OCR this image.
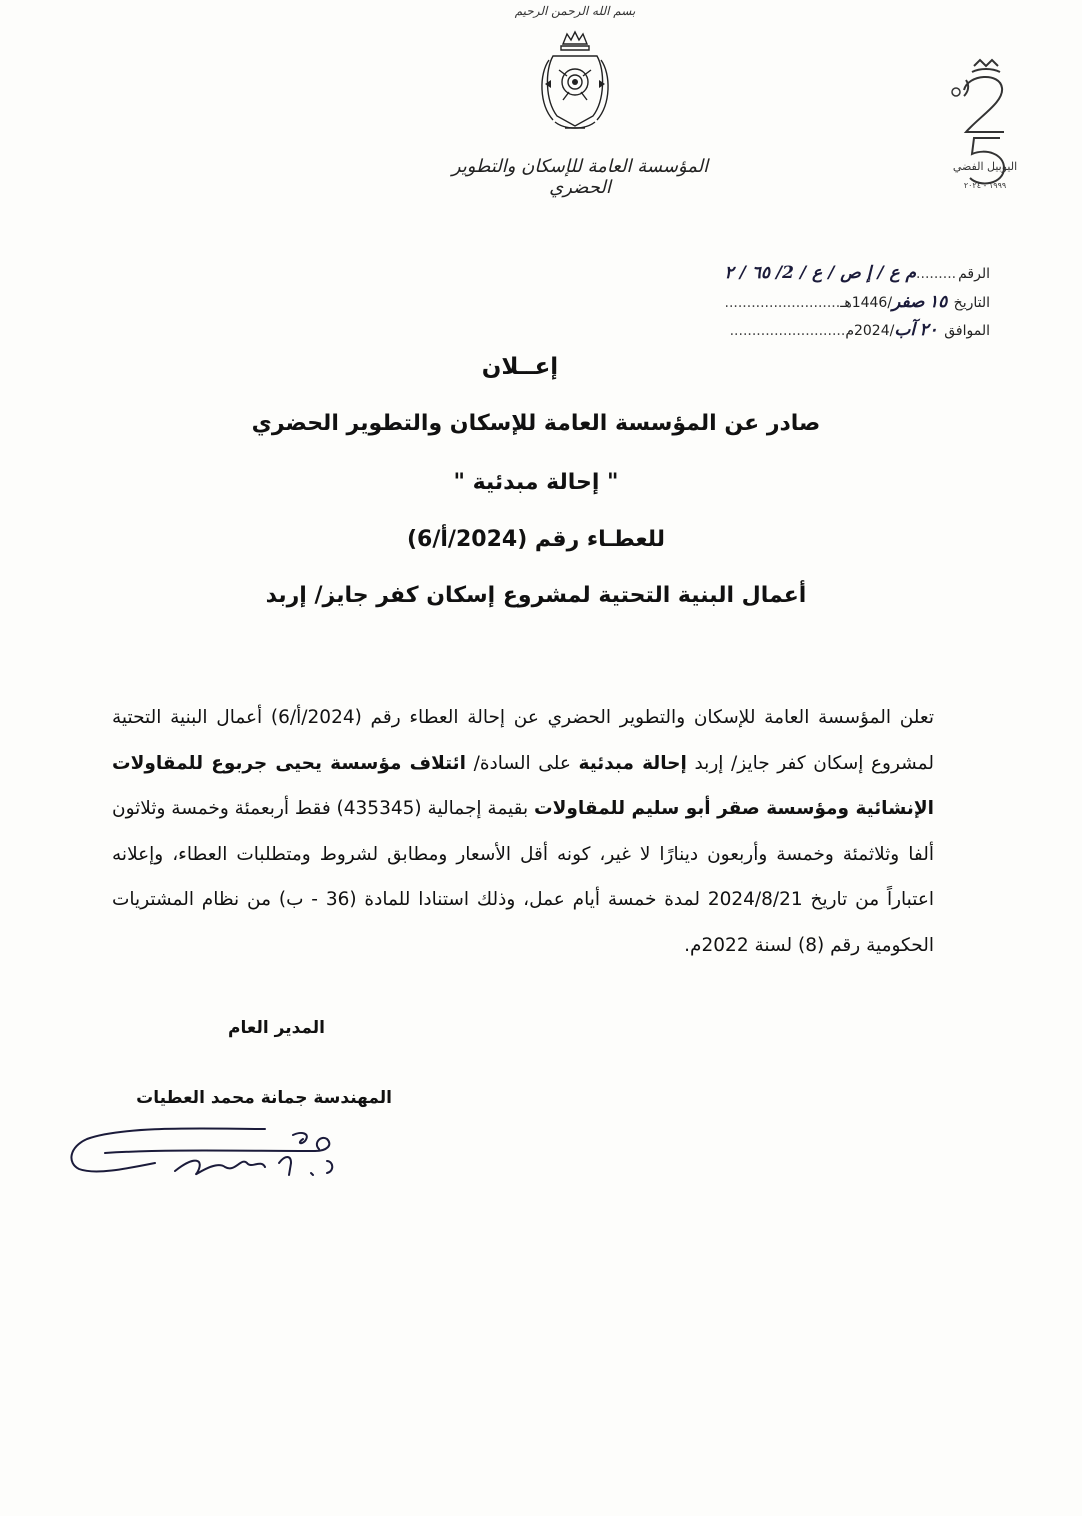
بسم الله الرحمن الرحيم
المؤسسة العامة للإسكان والتطوير الحضري
اليوبيل الفضي
١٩٩٩ - ٢٠٢٤
الرقم.........م ع / إ ص / ع / 2/ ٦٥ / ٢
التاريخ ١٥ صفر/1446هـ..........................
الموافق ٢٠ آب/2024م..........................
إعــلان
صادر عن المؤسسة العامة للإسكان والتطوير الحضري
" إحالة مبدئية "
للعطـاء رقم (2024/أ/6)
أعمال البنية التحتية لمشروع إسكان كفر جايز/ إربد

تعلن المؤسسة العامة للإسكان والتطوير الحضري عن إحالة العطاء رقم (2024/أ/6) أعمال البنية التحتية لمشروع إسكان كفر جايز/ إربد إحالة مبدئية على السادة/ ائتلاف مؤسسة يحيى جربوع للمقاولات الإنشائية ومؤسسة صقر أبو سليم للمقاولات بقيمة إجمالية (435345) فقط أربعمئة وخمسة وثلاثون ألفا وثلاثمئة وخمسة وأربعون دينارًا لا غير، كونه أقل الأسعار ومطابق لشروط ومتطلبات العطاء، وإعلانه اعتباراً من تاريخ 2024/8/21 لمدة خمسة أيام عمل، وذلك استنادا للمادة (36 - ب) من نظام المشتريات الحكومية رقم (8) لسنة 2022م.

المدير العام
المهندسة جمانة محمد العطيات
